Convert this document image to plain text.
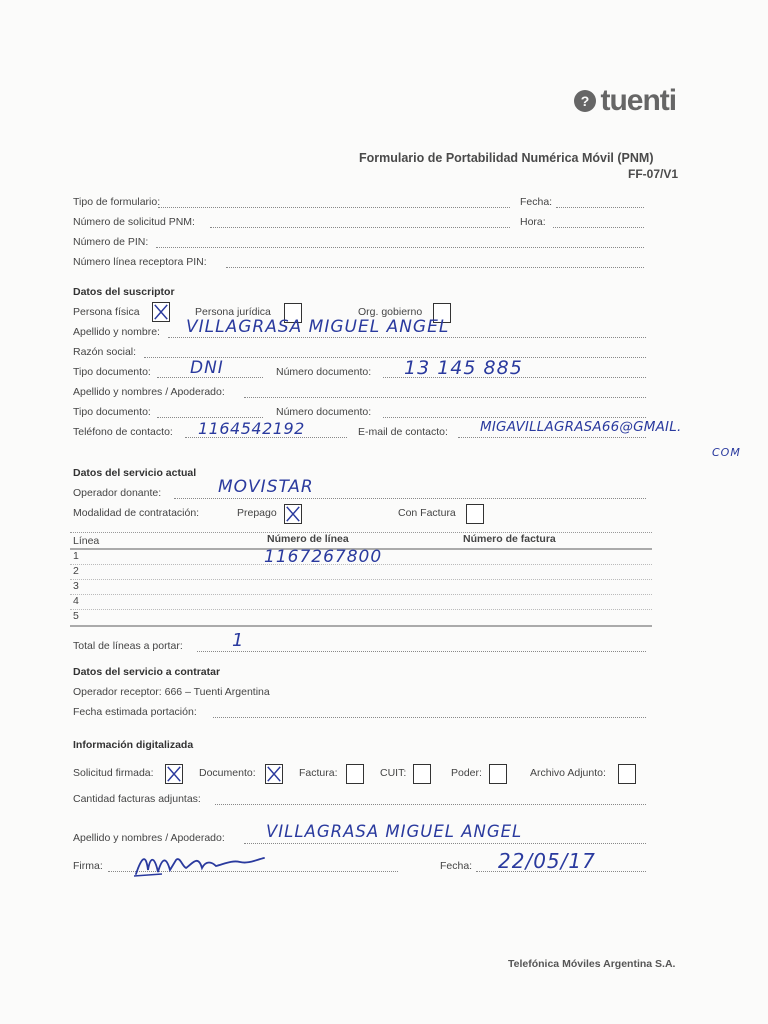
? tuenti
Formulario de Portabilidad Numérica Móvil (PNM)
FF-07/V1
Tipo de formulario:	Fecha:
Número de solicitud PNM:	Hora:
Número de PIN:
Número línea receptora PIN:
Datos del suscriptor
Persona física	Persona jurídica	Org. gobierno
Apellido y nombre: VILLAGRASA MIGUEL ANGEL
Razón social:
Tipo documento: DNI	Número documento: 13 145 885
Apellido y nombres / Apoderado:
Tipo documento:	Número documento:
Teléfono de contacto: 1164542192	E-mail de contacto: MIGAVILLAGRASA66@GMAIL.
COM
Datos del servicio actual
Operador donante:	MOVISTAR
Modalidad de contratación:	Prepago	Con Factura
Línea	Número de línea	Número de factura
1	1167267800
2
3
4
5
Total de líneas a portar:	1
Datos del servicio a contratar
Operador receptor: 666 – Tuenti Argentina
Fecha estimada portación:
Información digitalizada
Solicitud firmada:	Documento:	Factura:	CUIT:	Poder:	Archivo Adjunto:
Cantidad facturas adjuntas:
Apellido y nombres / Apoderado: VILLAGRASA MIGUEL ANGEL
Firma:	Fecha: 22/05/17
Telefónica Móviles Argentina S.A.
